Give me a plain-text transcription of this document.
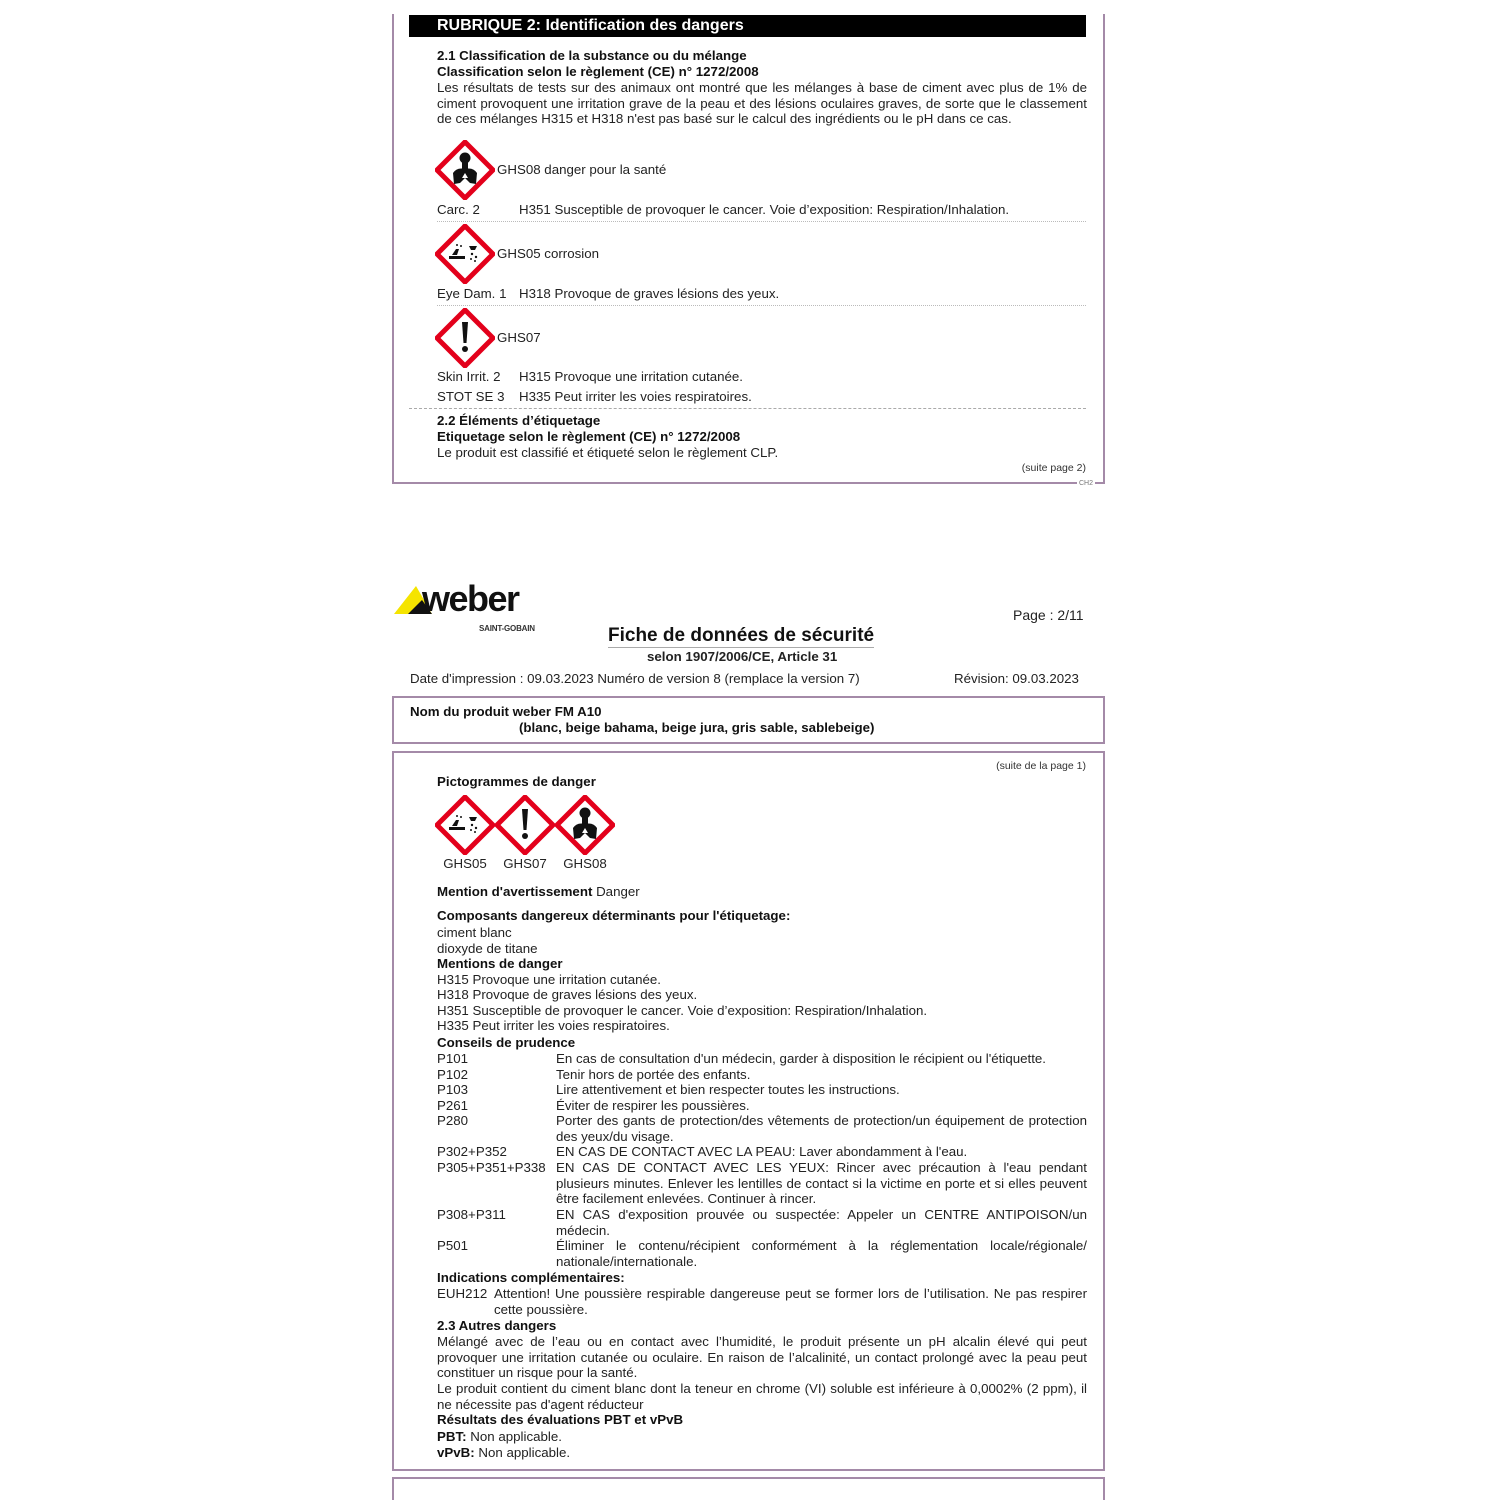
CH2
RUBRIQUE 2: Identification des dangers
2.1 Classification de la substance ou du mélange
Classification selon le règlement (CE) n° 1272/2008
Les résultats de tests sur des animaux ont montré que les mélanges à base de ciment avec plus de 1% de ciment provoquent une irritation grave de la peau et des lésions oculaires graves, de sorte que le classement de ces mélanges H315 et H318 n'est pas basé sur le calcul des ingrédients ou le pH dans ce cas.
GHS08 danger pour la santé
Carc. 2	H351 Susceptible de provoquer le cancer. Voie d’exposition: Respiration/Inhalation.
GHS05 corrosion
Eye Dam. 1 H318 Provoque de graves lésions des yeux.
GHS07
Skin Irrit. 2	H315 Provoque une irritation cutanée.
STOT SE 3	H335 Peut irriter les voies respiratoires.
2.2 Éléments d’étiquetage
Etiquetage selon le règlement (CE) n° 1272/2008
Le produit est classifié et étiqueté selon le règlement CLP.
(suite page 2)
weber
SAINT-GOBAIN
Page : 2/11
Fiche de données de sécurité
selon 1907/2006/CE, Article 31
Date d'impression : 09.03.2023 Numéro de version 8 (remplace la version 7)	Révision: 09.03.2023
Nom du produit weber FM A10
(blanc, beige bahama, beige jura, gris sable, sablebeige)
(suite de la page 1)
Pictogrammes de danger
GHS05 GHS07 GHS08
Mention d'avertissement Danger
Composants dangereux déterminants pour l'étiquetage:
ciment blanc
dioxyde de titane
Mentions de danger
H315 Provoque une irritation cutanée.
H318 Provoque de graves lésions des yeux.
H351 Susceptible de provoquer le cancer. Voie d’exposition: Respiration/Inhalation.
H335 Peut irriter les voies respiratoires.
Conseils de prudence
P101	En cas de consultation d'un médecin, garder à disposition le récipient ou l'étiquette.
P102	Tenir hors de portée des enfants.
P103	Lire attentivement et bien respecter toutes les instructions.
P261	Éviter de respirer les poussières.
P280	Porter des gants de protection/des vêtements de protection/un équipement de protection des yeux/du visage.
P302+P352	EN CAS DE CONTACT AVEC LA PEAU: Laver abondamment à l'eau.
P305+P351+P338 EN CAS DE CONTACT AVEC LES YEUX: Rincer avec précaution à l'eau pendant plusieurs minutes. Enlever les lentilles de contact si la victime en porte et si elles peuvent être facilement enlevées. Continuer à rincer.
P308+P311	EN CAS d'exposition prouvée ou suspectée: Appeler un CENTRE ANTIPOISON/un médecin.
P501	Éliminer le contenu/récipient conformément à la réglementation locale/régionale/ nationale/internationale.
Indications complémentaires:
EUH212 Attention! Une poussière respirable dangereuse peut se former lors de l’utilisation. Ne pas respirer cette poussière.
2.3 Autres dangers
Mélangé avec de l’eau ou en contact avec l’humidité, le produit présente un pH alcalin élevé qui peut provoquer une irritation cutanée ou oculaire. En raison de l’alcalinité, un contact prolongé avec la peau peut constituer un risque pour la santé.
Le produit contient du ciment blanc dont la teneur en chrome (VI) soluble est inférieure à 0,0002% (2 ppm), il ne nécessite pas d'agent réducteur
Résultats des évaluations PBT et vPvB
PBT: Non applicable.
vPvB: Non applicable.
